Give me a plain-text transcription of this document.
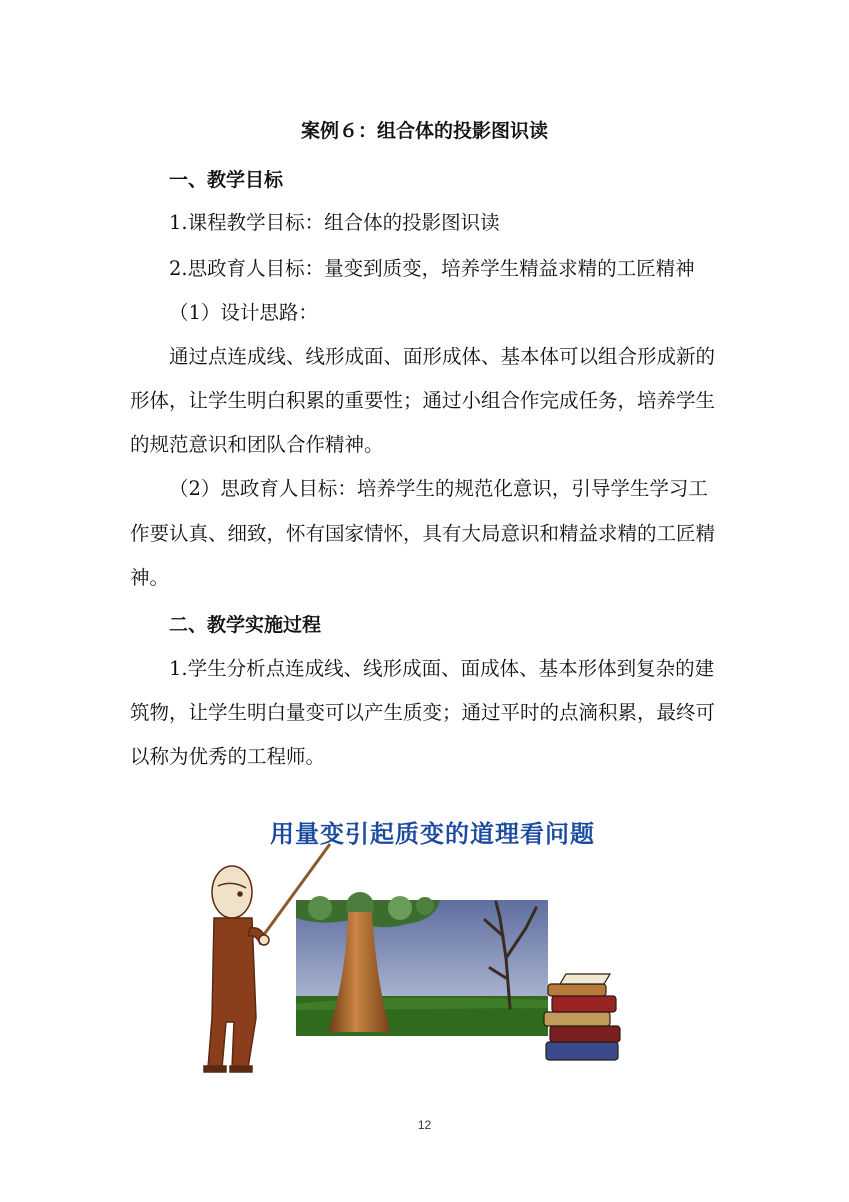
案例６：组合体的投影图识读
一、教学目标
1.课程教学目标：组合体的投影图识读
2.思政育人目标：量变到质变，培养学生精益求精的工匠精神
（1）设计思路：
通过点连成线、线形成面、面形成体、基本体可以组合形成新的
形体，让学生明白积累的重要性；通过小组合作完成任务，培养学生
的规范意识和团队合作精神。
（2）思政育人目标：培养学生的规范化意识，引导学生学习工
作要认真、细致，怀有国家情怀，具有大局意识和精益求精的工匠精
神。
二、教学实施过程
1.学生分析点连成线、线形成面、面成体、基本形体到复杂的建
筑物，让学生明白量变可以产生质变；通过平时的点滴积累，最终可
以称为优秀的工程师。
用量变引起质变的道理看问题
12
